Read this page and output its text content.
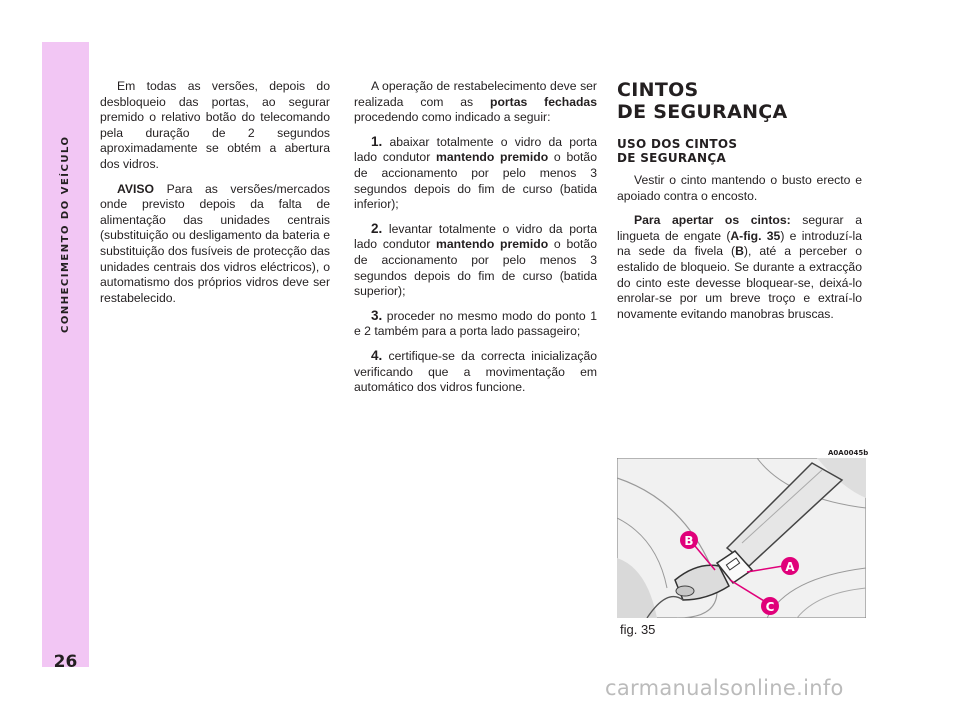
CONHECIMENTO DO VEÍCULO
26

Em todas as versões, depois do desbloqueio das portas, ao segurar premido o relativo botão do telecomando pela duração de 2 segundos aproximadamente se obtém a abertura dos vidros.

AVISO Para as versões/mercados onde previsto depois da falta de alimentação das unidades centrais (substituição ou desligamento da bateria e substituição dos fusíveis de protecção das unidades centrais dos vidros eléctricos), o automatismo dos próprios vidros deve ser restabelecido.

A operação de restabelecimento deve ser realizada com as portas fechadas procedendo como indicado a seguir:

1. abaixar totalmente o vidro da porta lado condutor mantendo premido o botão de accionamento por pelo menos 3 segundos depois do fim de curso (batida inferior);

2. levantar totalmente o vidro da porta lado condutor mantendo premido o botão de accionamento por pelo menos 3 segundos depois do fim de curso (batida superior);

3. proceder no mesmo modo do ponto 1 e 2 também para a porta lado passageiro;

4. certifique-se da correcta inicialização verificando que a movimentação em automático dos vidros funcione.

CINTOS
DE SEGURANÇA
USO DOS CINTOS
DE SEGURANÇA

Vestir o cinto mantendo o busto erecto e apoiado contra o encosto.

Para apertar os cintos: segurar a lingueta de engate (A-fig. 35) e introduzí-la na sede da fivela (B), até a perceber o estalido de bloqueio. Se durante a extracção do cinto este devesse bloquear-se, deixá-lo enrolar-se por um breve troço e extraí-lo novamente evitando manobras bruscas.

A0A0045b
B
A
C
fig. 35
carmanualsonline.info
